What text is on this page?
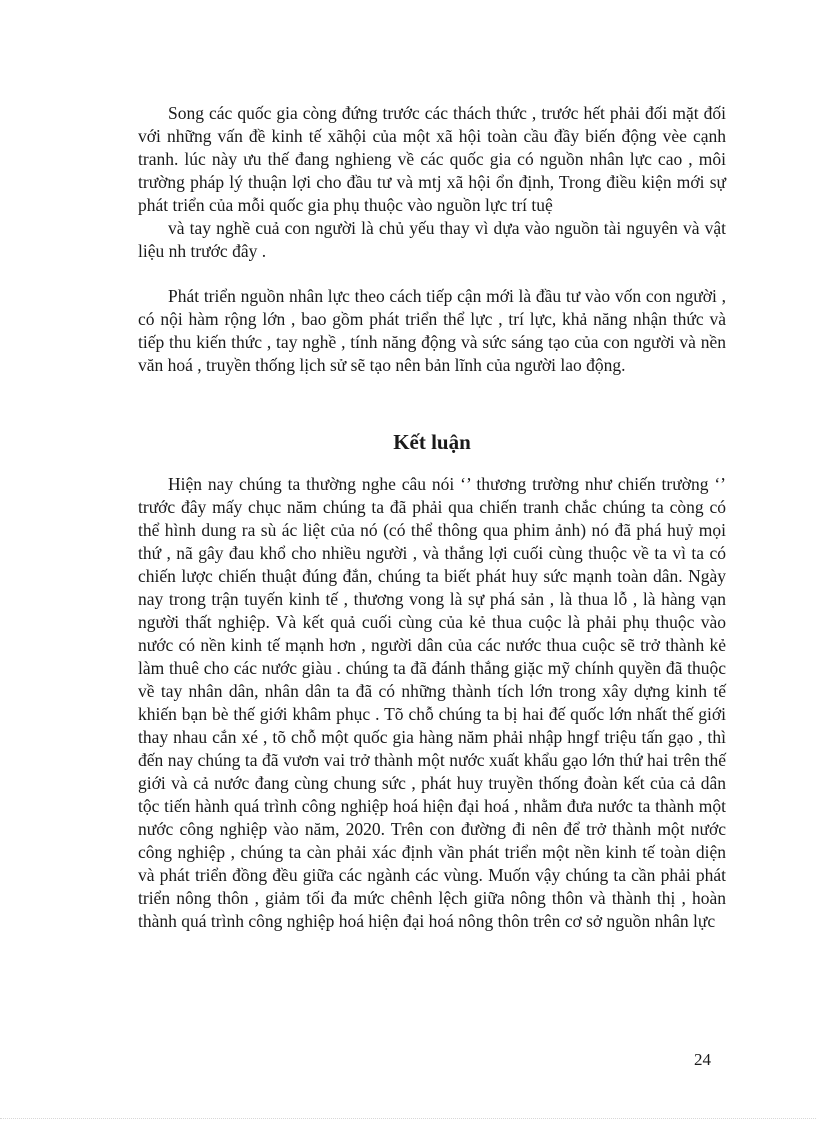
Song các quốc gia còng đứng trước các thách thức , trước hết phải đối mặt đối với những vấn đề kinh tế xãhội của một xã hội toàn cầu đầy biến động vèe cạnh tranh. lúc này ưu thế đang nghieng về các quốc gia có nguồn nhân lực cao , môi trường pháp lý thuận lợi cho đầu tư và mtj xã hội ổn định, Trong điều kiện mới sự phát triển của mỗi quốc gia phụ thuộc vào nguồn lực trí tuệ

và tay nghề cuả con người là chủ yếu thay vì dựa vào nguồn tài nguyên và vật liệu nh trước đây .

Phát triển nguồn nhân lực theo cách tiếp cận mới là đầu tư vào vốn con người , có nội hàm rộng lớn , bao gồm phát triển thể lực , trí lực, khả năng nhận thức và tiếp thu kiến thức , tay nghề , tính năng động và sức sáng tạo của con người và nền văn hoá , truyền thống lịch sử sẽ tạo nên bản lĩnh của người lao động.

Kết luận

Hiện nay chúng ta thường nghe câu nói ‘’ thương trường như chiến trường ‘’ trước đây mấy chục năm chúng ta đã phải qua chiến tranh chắc chúng ta còng có thể hình dung ra sù ác liệt của nó (có thể thông qua phim ảnh) nó đã phá huỷ mọi thứ , nã gây đau khổ cho nhiều người , và thắng lợi cuối cùng thuộc về ta vì ta có chiến lược chiến thuật đúng đắn, chúng ta biết phát huy sức mạnh toàn dân. Ngày nay trong trận tuyến kinh tế , thương vong là sự phá sản , là thua lỗ , là hàng vạn người thất nghiệp. Và kết quả cuối cùng của kẻ thua cuộc là phải phụ thuộc vào nước có nền kinh tế mạnh hơn , người dân của các nước thua cuộc sẽ trở thành kẻ làm thuê cho các nước giàu . chúng ta đã đánh thắng giặc mỹ chính quyền đã thuộc về tay nhân dân, nhân dân ta đã có những thành tích lớn trong xây dựng kinh tế khiến bạn bè thế giới khâm phục . Tõ chỗ chúng ta bị hai đế quốc lớn nhất thế giới thay nhau cắn xé , tõ chỗ một quốc gia hàng năm phải nhập hngf triệu tấn gạo , thì đến nay chúng ta đã vươn vai trở thành một nước xuất khẩu gạo lớn thứ hai trên thế giới và cả nước đang cùng chung sức , phát huy truyền thống đoàn kết của cả dân tộc tiến hành quá trình công nghiệp hoá hiện đại hoá , nhằm đưa nước ta thành một nước công nghiệp vào năm, 2020. Trên con đường đi nên để trở thành một nước công nghiệp , chúng ta càn phải xác định vần phát triển một nền kinh tế toàn diện và phát triển đồng đều giữa các ngành các vùng. Muốn vậy chúng ta cần phải phát triển nông thôn , giảm tối đa mức chênh lệch giữa nông thôn và thành thị , hoàn thành quá trình công nghiệp hoá hiện đại hoá nông thôn trên cơ sở nguồn nhân lực

24
